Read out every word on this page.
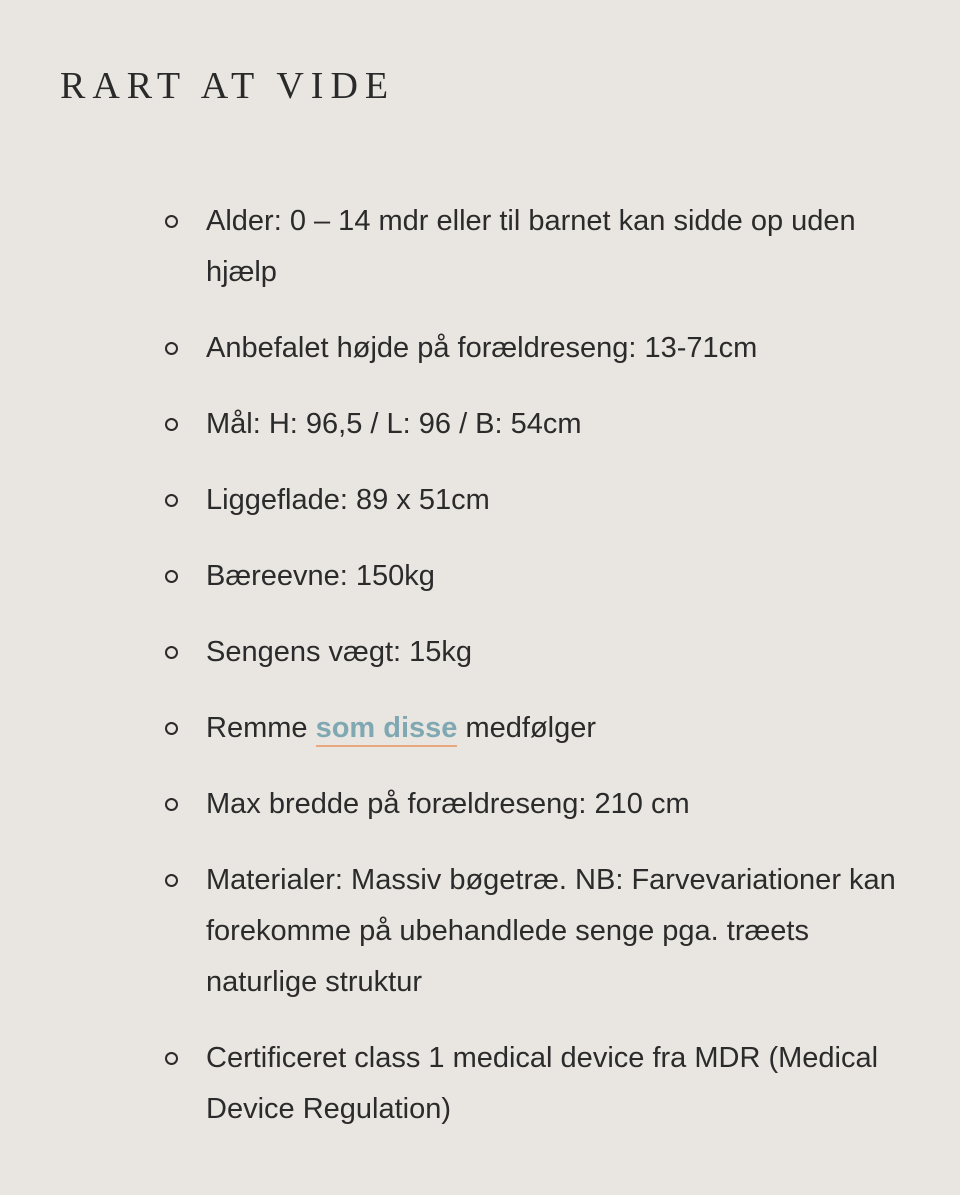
RART AT VIDE
Alder: 0 – 14 mdr eller til barnet kan sidde op uden hjælp
Anbefalet højde på forældreseng: 13-71cm
Mål: H: 96,5 / L: 96 / B: 54cm
Liggeflade: 89 x 51cm
Bæreevne: 150kg
Sengens vægt: 15kg
Remme som disse medfølger
Max bredde på forældreseng: 210 cm
Materialer: Massiv bøgetræ. NB: Farvevariationer kan forekomme på ubehandlede senge pga. træets naturlige struktur
Certificeret class 1 medical device fra MDR (Medical Device Regulation)
